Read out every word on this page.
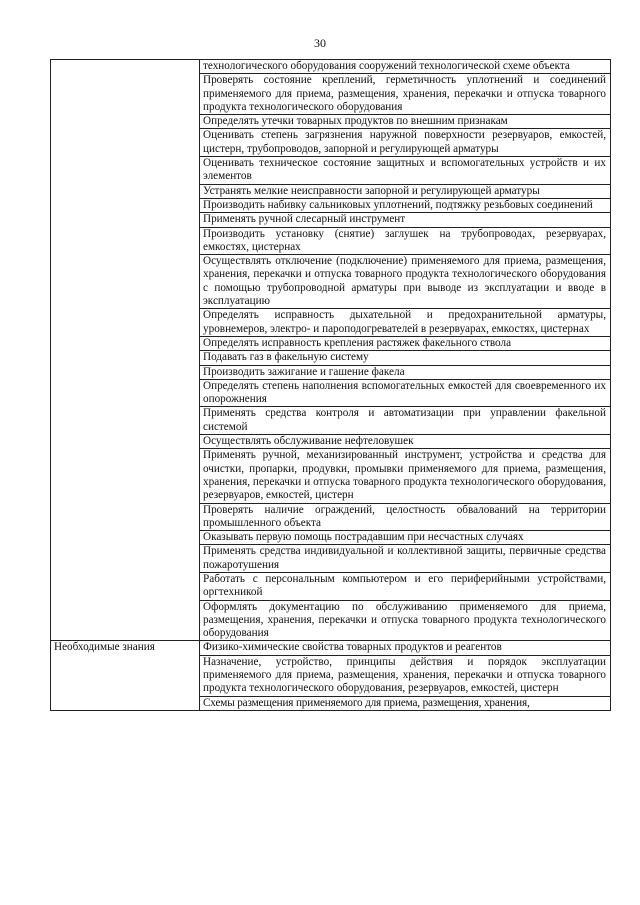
30
	технологического оборудования сооружений технологической схеме объекта
	Проверять состояние креплений, герметичность уплотнений и соединений применяемого для приема, размещения, хранения, перекачки и отпуска товарного продукта технологического оборудования
	Определять утечки товарных продуктов по внешним признакам
	Оценивать степень загрязнения наружной поверхности резервуаров, емкостей, цистерн, трубопроводов, запорной и регулирующей арматуры
	Оценивать техническое состояние защитных и вспомогательных устройств и их элементов
	Устранять мелкие неисправности запорной и регулирующей арматуры
	Производить набивку сальниковых уплотнений, подтяжку резьбовых соединений
	Применять ручной слесарный инструмент
	Производить установку (снятие) заглушек на трубопроводах, резервуарах, емкостях, цистернах
	Осуществлять отключение (подключение) применяемого для приема, размещения, хранения, перекачки и отпуска товарного продукта технологического оборудования с помощью трубопроводной арматуры при выводе из эксплуатации и вводе в эксплуатацию
	Определять исправность дыхательной и предохранительной арматуры, уровнемеров, электро- и пароподогревателей в резервуарах, емкостях, цистернах
	Определять исправность крепления растяжек факельного ствола
	Подавать газ в факельную систему
	Производить зажигание и гашение факела
	Определять степень наполнения вспомогательных емкостей для своевременного их опорожнения
	Применять средства контроля и автоматизации при управлении факельной системой
	Осуществлять обслуживание нефтеловушек
	Применять ручной, механизированный инструмент, устройства и средства для очистки, пропарки, продувки, промывки применяемого для приема, размещения, хранения, перекачки и отпуска товарного продукта технологического оборудования, резервуаров, емкостей, цистерн
	Проверять наличие ограждений, целостность обвалований на территории промышленного объекта
	Оказывать первую помощь пострадавшим при несчастных случаях
	Применять средства индивидуальной и коллективной защиты, первичные средства пожаротушения
	Работать с персональным компьютером и его периферийными устройствами, оргтехникой
	Оформлять документацию по обслуживанию применяемого для приема, размещения, хранения, перекачки и отпуска товарного продукта технологического оборудования
Необходимые знания	Физико-химические свойства товарных продуктов и реагентов
	Назначение, устройство, принципы действия и порядок эксплуатации применяемого для приема, размещения, хранения, перекачки и отпуска товарного продукта технологического оборудования, резервуаров, емкостей, цистерн
	Схемы размещения применяемого для приема, размещения, хранения,
